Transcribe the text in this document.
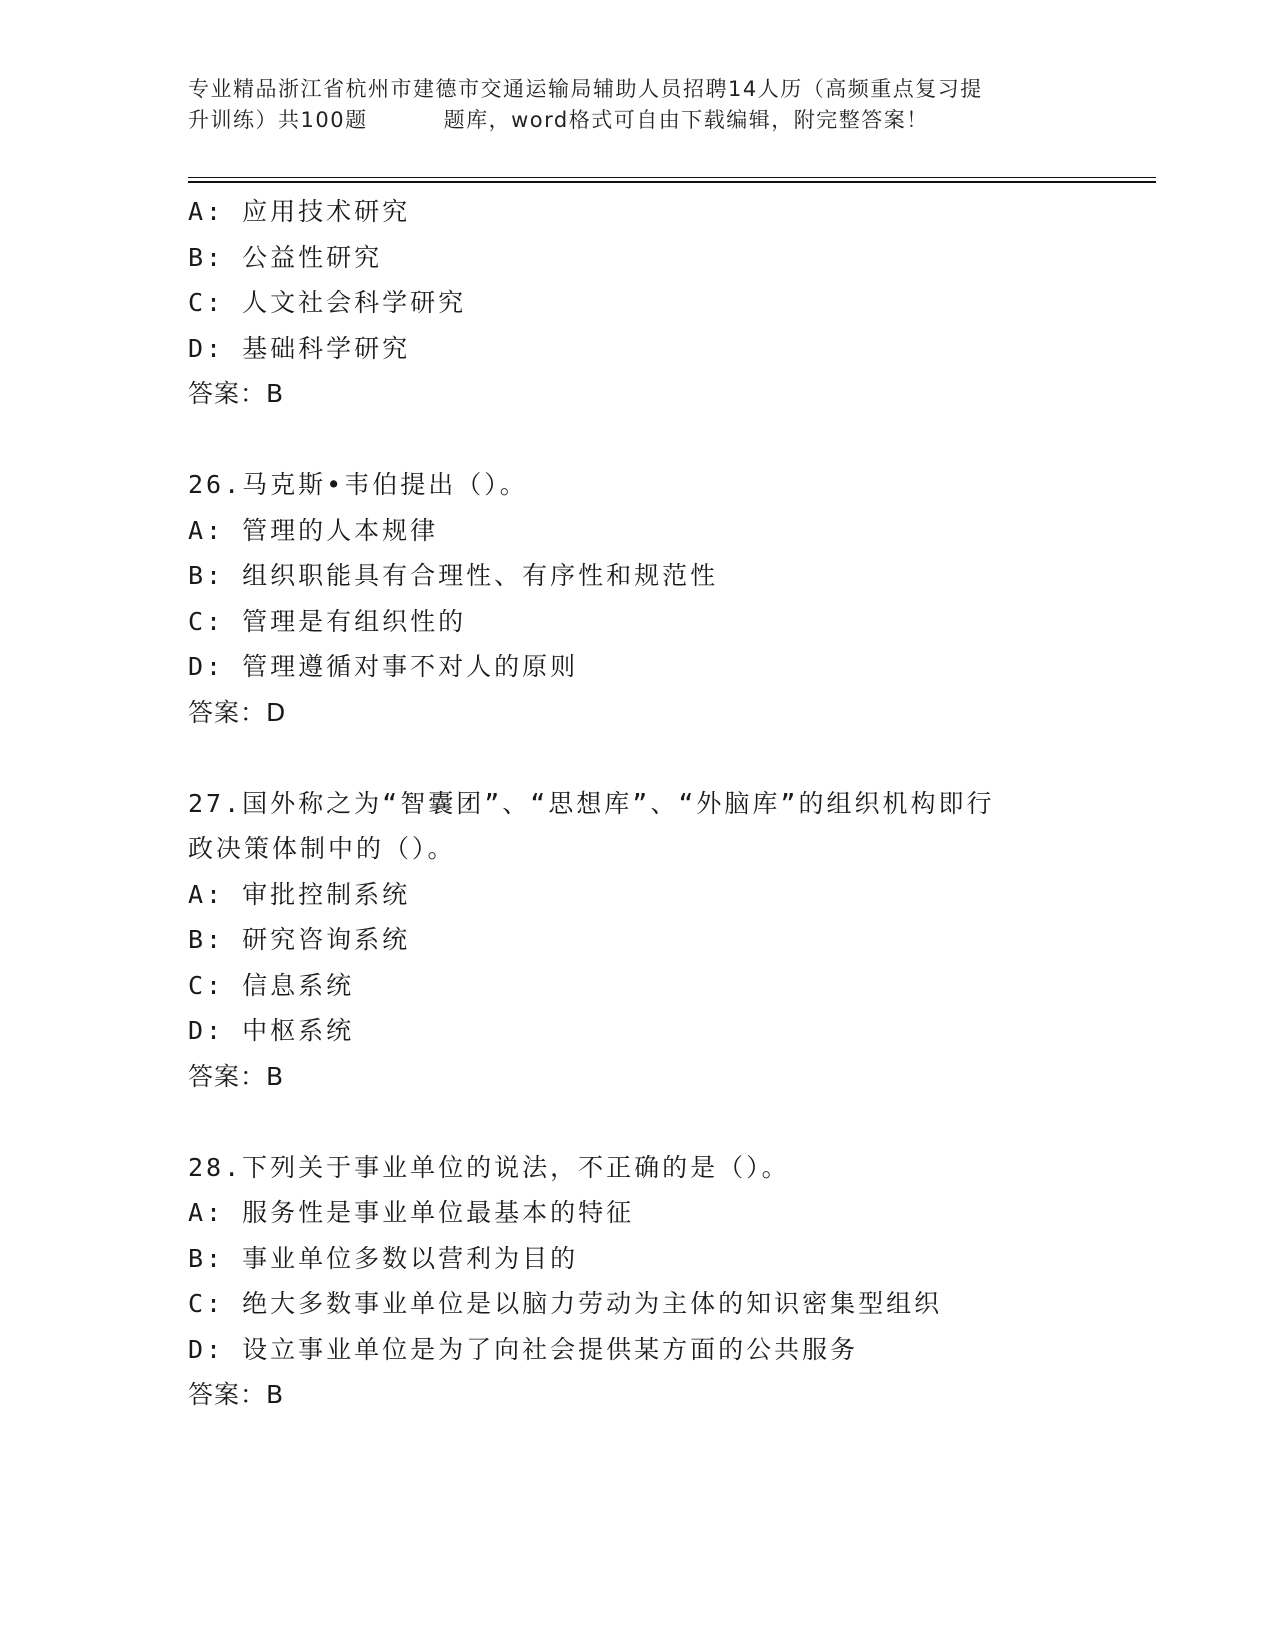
专业精品浙江省杭州市建德市交通运输局辅助人员招聘14人历（高频重点复习提
升训练）共100题	题库，word格式可自由下载编辑，附完整答案！
A: 应用技术研究
B: 公益性研究
C: 人文社会科学研究
D: 基础科学研究
答案：B
26.马克斯•韦伯提出（）。
A: 管理的人本规律
B: 组织职能具有合理性、有序性和规范性
C: 管理是有组织性的
D: 管理遵循对事不对人的原则
答案：D
27.国外称之为“智囊团”、“思想库”、“外脑库”的组织机构即行
政决策体制中的（）。
A: 审批控制系统
B: 研究咨询系统
C: 信息系统
D: 中枢系统
答案：B
28.下列关于事业单位的说法，不正确的是（）。
A: 服务性是事业单位最基本的特征
B: 事业单位多数以营利为目的
C: 绝大多数事业单位是以脑力劳动为主体的知识密集型组织
D: 设立事业单位是为了向社会提供某方面的公共服务
答案：B
